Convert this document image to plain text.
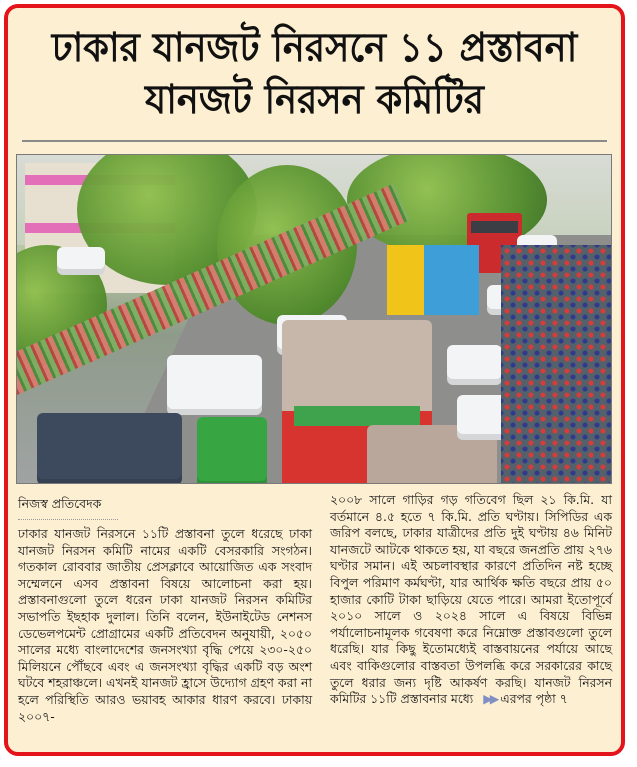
ঢাকার যানজট নিরসনে ১১ প্রস্তাবনা
যানজট নিরসন কমিটির
নিজস্ব প্রতিবেদক
ঢাকার যানজট নিরসনে ১১টি প্রস্তাবনা তুলে ধরেছে ঢাকা যানজট নিরসন কমিটি নামের একটি বেসরকারি সংগঠন। গতকাল রোববার জাতীয় প্রেসক্লাবে আয়োজিত এক সংবাদ সম্মেলনে এসব প্রস্তাবনা বিষয়ে আলোচনা করা হয়। প্রস্তাবনাগুলো তুলে ধরেন ঢাকা যানজট নিরসন কমিটির সভাপতি ইছহাক দুলাল। তিনি বলেন, ইউনাইটেড নেশনস ডেভেলপমেন্ট প্রোগ্রামের একটি প্রতিবেদন অনুযায়ী, ২০৫০ সালের মধ্যে বাংলাদেশের জনসংখ্যা বৃদ্ধি পেয়ে ২৩০-২৫০ মিলিয়নে পৌঁছবে এবং এ জনসংখ্যা বৃদ্ধির একটি বড় অংশ ঘটবে শহরাঞ্চলে। এখনই যানজট হ্রাসে উদ্যোগ গ্রহণ করা না হলে পরিস্থিতি আরও ভয়াবহ আকার ধারণ করবে। ঢাকায় ২০০৭-
২০০৮ সালে গাড়ির গড় গতিবেগ ছিল ২১ কি.মি. যা বর্তমানে ৪.৫ হতে ৭ কি.মি. প্রতি ঘণ্টায়। সিপিডির এক জরিপ বলছে, ঢাকার যাত্রীদের প্রতি দুই ঘণ্টায় ৪৬ মিনিট যানজটে আটকে থাকতে হয়, যা বছরে জনপ্রতি প্রায় ২৭৬ ঘণ্টার সমান। এই অচলাবস্থার কারণে প্রতিদিন নষ্ট হচ্ছে বিপুল পরিমাণ কর্মঘণ্টা, যার আর্থিক ক্ষতি বছরে প্রায় ৫০ হাজার কোটি টাকা ছাড়িয়ে যেতে পারে। আমরা ইতোপূর্বে ২০১০ সালে ও ২০২৪ সালে এ বিষয়ে বিভিন্ন পর্যালোচনামূলক গবেষণা করে নিম্নোক্ত প্রস্তাবগুলো তুলে ধরেছি। যার কিছু ইতোমধ্যেই বাস্তবায়নের পর্যায়ে আছে এবং বাকিগুলোর বাস্তবতা উপলব্ধি করে সরকারের কাছে তুলে ধরার জন্য দৃষ্টি আকর্ষণ করছি। যানজট নিরসন কমিটির ১১টি প্রস্তাবনার মধ্যে ▶▶ এরপর পৃষ্ঠা ৭
